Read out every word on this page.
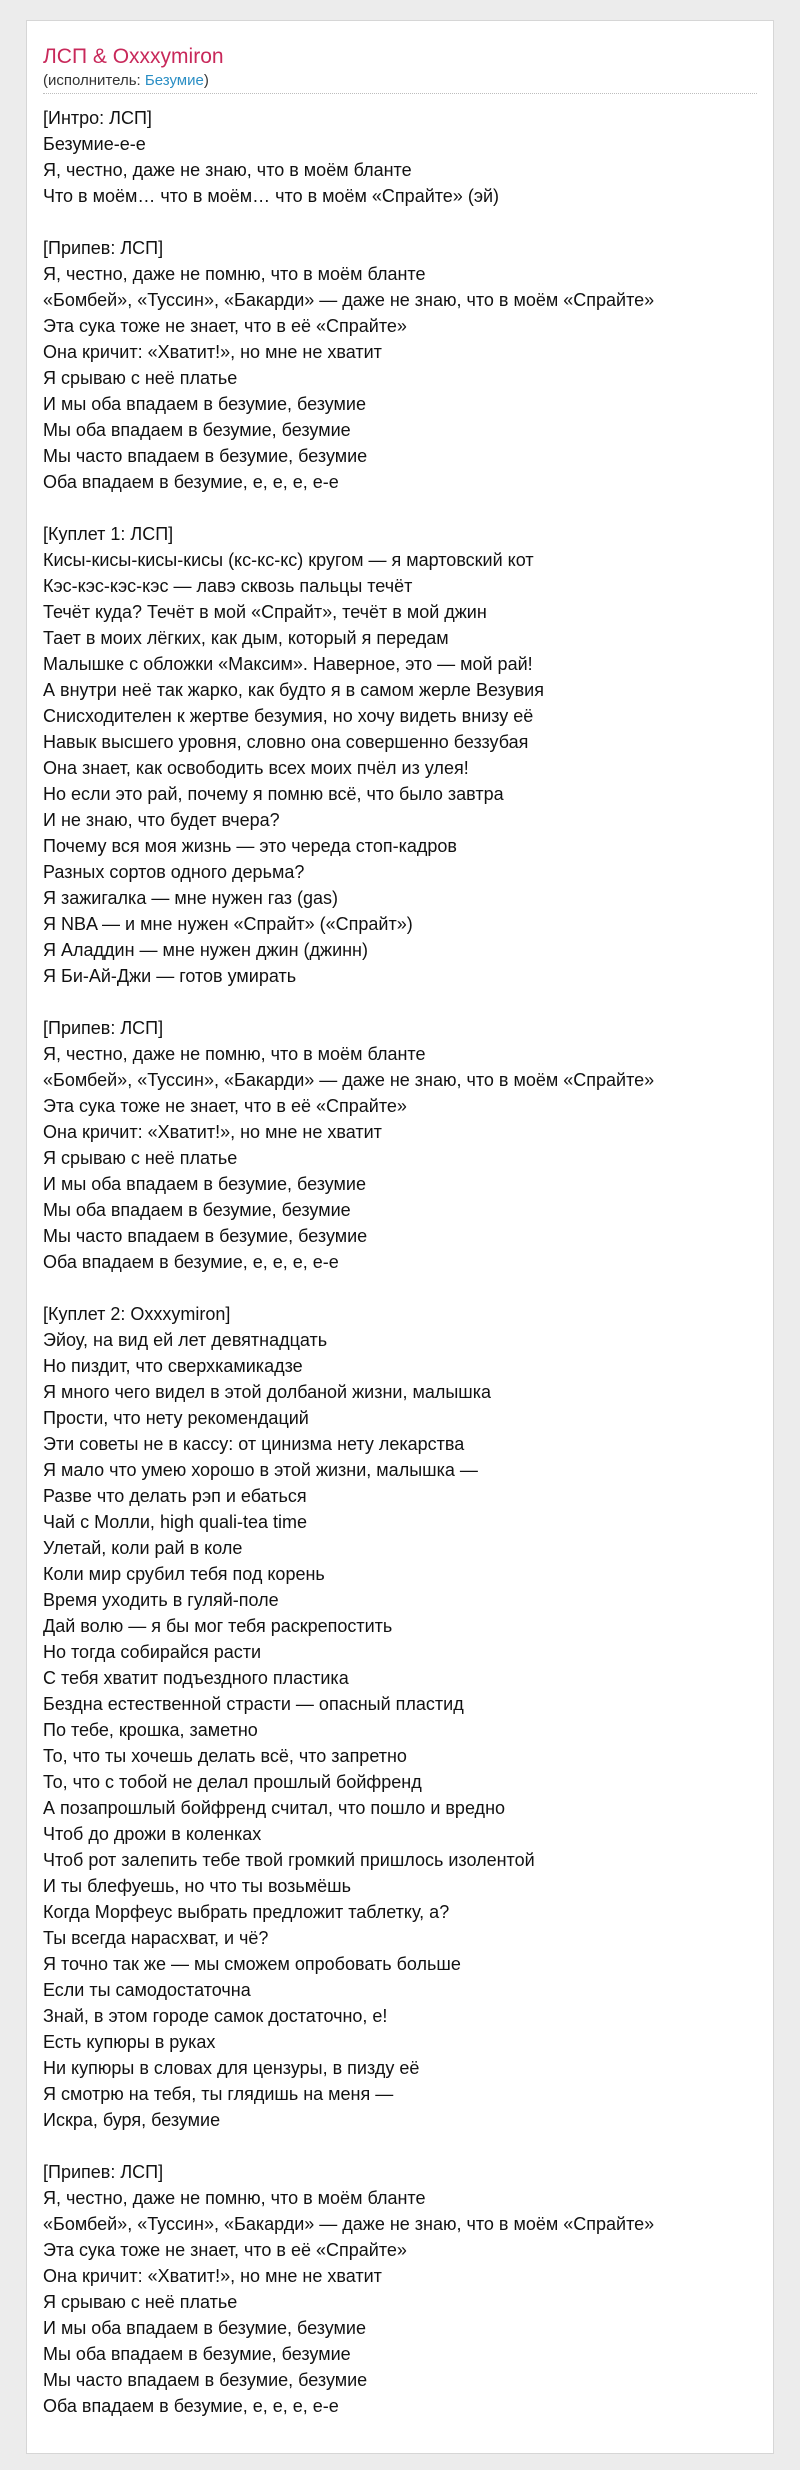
ЛСП & Oxxxymiron
(исполнитель: Безумие)
[Интро: ЛСП]
Безумие-е-е
Я, честно, даже не знаю, что в моём бланте
Что в моём… что в моём… что в моём «Спрайте» (эй)
[Припев: ЛСП]
Я, честно, даже не помню, что в моём бланте
«Бомбей», «Туссин», «Бакарди» — даже не знаю, что в моём «Спрайте»
Эта сука тоже не знает, что в её «Спрайте»
Она кричит: «Хватит!», но мне не хватит
Я срываю с неё платье
И мы оба впадаем в безумие, безумие
Мы оба впадаем в безумие, безумие
Мы часто впадаем в безумие, безумие
Оба впадаем в безумие, е, е, е, е-е
[Куплет 1: ЛСП]
Кисы-кисы-кисы-кисы (кс-кс-кс) кругом — я мартовский кот
Кэс-кэс-кэс-кэс — лавэ сквозь пальцы течёт
Течёт куда? Течёт в мой «Спрайт», течёт в мой джин
Тает в моих лёгких, как дым, который я передам
Малышке с обложки «Максим». Наверное, это — мой рай!
А внутри неё так жарко, как будто я в самом жерле Везувия
Снисходителен к жертве безумия, но хочу видеть внизу её
Навык высшего уровня, словно она совершенно беззубая
Она знает, как освободить всех моих пчёл из улея!
Но если это рай, почему я помню всё, что было завтра
И не знаю, что будет вчера?
Почему вся моя жизнь — это череда стоп-кадров
Разных сортов одного дерьма?
Я зажигалка — мне нужен газ (gas)
Я NBA — и мне нужен «Спрайт» («Спрайт»)
Я Аладдин — мне нужен джин (джинн)
Я Би-Ай-Джи — готов умирать
[Припев: ЛСП]
Я, честно, даже не помню, что в моём бланте
«Бомбей», «Туссин», «Бакарди» — даже не знаю, что в моём «Спрайте»
Эта сука тоже не знает, что в её «Спрайте»
Она кричит: «Хватит!», но мне не хватит
Я срываю с неё платье
И мы оба впадаем в безумие, безумие
Мы оба впадаем в безумие, безумие
Мы часто впадаем в безумие, безумие
Оба впадаем в безумие, е, е, е, е-е
[Куплет 2: Oxxxymiron]
Эйоу, на вид ей лет девятнадцать
Но пиздит, что сверхкамикадзе
Я много чего видел в этой долбаной жизни, малышка
Прости, что нету рекомендаций
Эти советы не в кассу: от цинизма нету лекарства
Я мало что умею хорошо в этой жизни, малышка —
Разве что делать рэп и ебаться
Чай с Молли, high quali-tea time
Улетай, коли рай в коле
Коли мир срубил тебя под корень
Время уходить в гуляй-поле
Дай волю — я бы мог тебя раскрепостить
Но тогда собирайся расти
С тебя хватит подъездного пластика
Бездна естественной страсти — опасный пластид
По тебе, крошка, заметно
То, что ты хочешь делать всё, что запретно
То, что с тобой не делал прошлый бойфренд
А позапрошлый бойфренд считал, что пошло и вредно
Чтоб до дрожи в коленках
Чтоб рот залепить тебе твой громкий пришлось изолентой
И ты блефуешь, но что ты возьмёшь
Когда Морфеус выбрать предложит таблетку, а?
Ты всегда нарасхват, и чё?
Я точно так же — мы сможем опробовать больше
Если ты самодостаточна
Знай, в этом городе самок достаточно, е!
Есть купюры в руках
Ни купюры в словах для цензуры, в пизду её
Я смотрю на тебя, ты глядишь на меня —
Искра, буря, безумие
[Припев: ЛСП]
Я, честно, даже не помню, что в моём бланте
«Бомбей», «Туссин», «Бакарди» — даже не знаю, что в моём «Спрайте»
Эта сука тоже не знает, что в её «Спрайте»
Она кричит: «Хватит!», но мне не хватит
Я срываю с неё платье
И мы оба впадаем в безумие, безумие
Мы оба впадаем в безумие, безумие
Мы часто впадаем в безумие, безумие
Оба впадаем в безумие, е, е, е, е-е
